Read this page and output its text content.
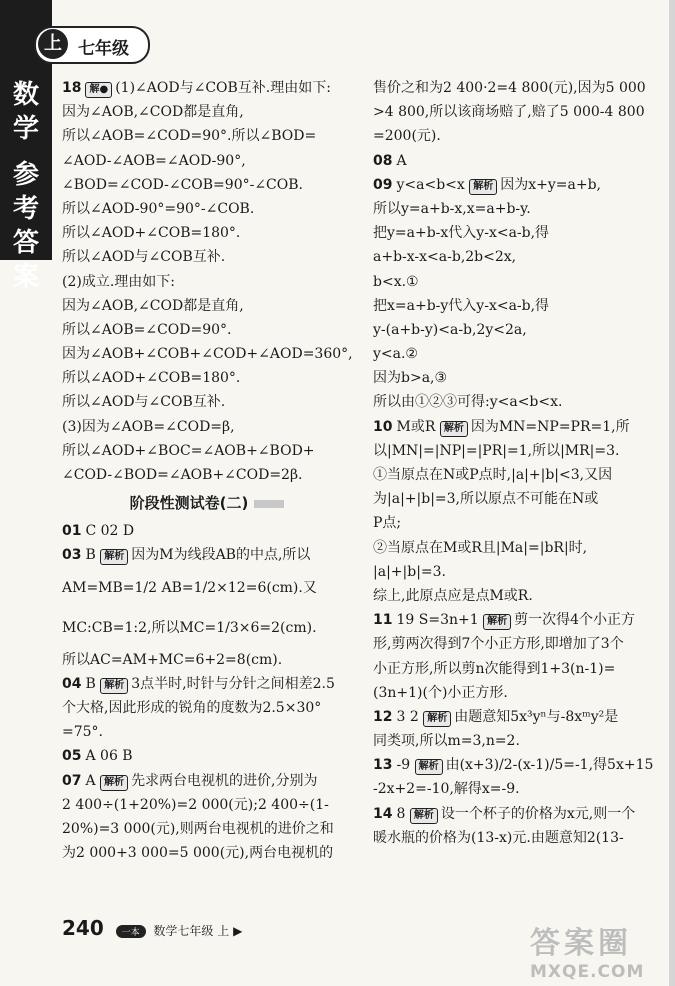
数学
参考答案
上 七年级
18 解● (1)∠AOD与∠COB互补.理由如下:
因为∠AOB,∠COD都是直角,
所以∠AOB=∠COD=90°.所以∠BOD=
∠AOD-∠AOB=∠AOD-90°,
∠BOD=∠COD-∠COB=90°-∠COB.
所以∠AOD-90°=90°-∠COB.
所以∠AOD+∠COB=180°.
所以∠AOD与∠COB互补.
(2)成立.理由如下:
因为∠AOB,∠COD都是直角,
所以∠AOB=∠COD=90°.
因为∠AOB+∠COB+∠COD+∠AOD=360°,
所以∠AOD+∠COB=180°.
所以∠AOD与∠COB互补.
(3)因为∠AOB=∠COD=β,
所以∠AOD+∠BOC=∠AOB+∠BOD+
∠COD-∠BOD=∠AOB+∠COD=2β.
阶段性测试卷(二)
01 C 02 D
03 B 解析 因为M为线段AB的中点,所以
AM=MB=1/2 AB=1/2×12=6(cm).又
MC:CB=1:2,所以MC=1/3×6=2(cm).
所以AC=AM+MC=6+2=8(cm).
04 B 解析 3点半时,时针与分针之间相差2.5
个大格,因此形成的锐角的度数为2.5×30°
=75°.
05 A 06 B
07 A 解析 先求两台电视机的进价,分别为
2 400÷(1+20%)=2 000(元);2 400÷(1-
20%)=3 000(元),则两台电视机的进价之和
为2 000+3 000=5 000(元),两台电视机的
售价之和为2 400·2=4 800(元),因为5 000
>4 800,所以该商场赔了,赔了5 000-4 800
=200(元).
08 A
09 y<a<b<x 解析 因为x+y=a+b,
所以y=a+b-x,x=a+b-y.
把y=a+b-x代入y-x<a-b,得
a+b-x-x<a-b,2b<2x,
b<x.①
把x=a+b-y代入y-x<a-b,得
y-(a+b-y)<a-b,2y<2a,
y<a.②
因为b>a,③
所以由①②③可得:y<a<b<x.
10 M或R 解析 因为MN=NP=PR=1,所
以|MN|=|NP|=|PR|=1,所以|MR|=3.
①当原点在N或P点时,|a|+|b|<3,又因
为|a|+|b|=3,所以原点不可能在N或
P点;
②当原点在M或R且|Ma|=|bR|时,
|a|+|b|=3.
综上,此原点应是点M或R.
11 19 S=3n+1 解析 剪一次得4个小正方
形,剪两次得到7个小正方形,即增加了3个
小正方形,所以剪n次能得到1+3(n-1)=
(3n+1)(个)小正方形.
12 3 2 解析 由题意知5x³yⁿ与-8xᵐy²是
同类项,所以m=3,n=2.
13 -9 解析 由(x+3)/2-(x-1)/5=-1,得5x+15
-2x+2=-10,解得x=-9.
14 8 解析 设一个杯子的价格为x元,则一个
暖水瓶的价格为(13-x)元.由题意知2(13-
240 一本 数学七年级 上 ▶	答案圈
MXQE.COM
